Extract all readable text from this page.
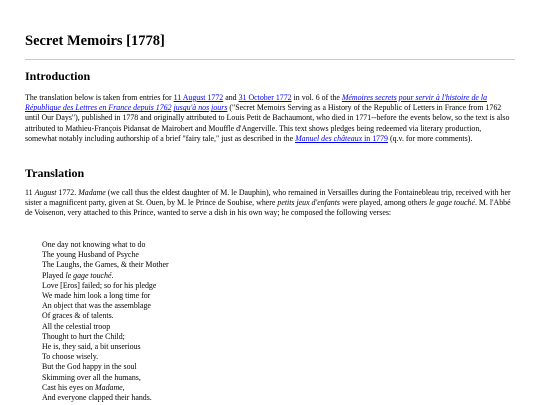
Secret Memoirs [1778]
Introduction

The translation below is taken from entries for 11 August 1772 and 31 October 1772 in vol. 6 of the Mémoires secrets pour servir à l'histoire de la République des Lettres en France depuis 1762 jusqu'à nos jours ("Secret Memoirs Serving as a History of the Republic of Letters in France from 1762 until Our Days"), published in 1778 and originally attributed to Louis Petit de Bachaumont, who died in 1771--before the events below, so the text is also attributed to Mathieu-François Pidansat de Mairobert and Mouffle d'Angerville. This text shows pledges being redeemed via literary production, somewhat notably including authorship of a brief "fairy tale," just as described in the Manuel des châteaux in 1779 (q.v. for more comments).

Translation

11 August 1772. Madame (we call thus the eldest daughter of M. le Dauphin), who remained in Versailles during the Fontainebleau trip, received with her sister a magnificent party, given at St. Ouen, by M. le Prince de Soubise, where petits jeux d'enfants were played, among others le gage touché. M. l'Abbé de Voisenon, very attached to this Prince, wanted to serve a dish in his own way; he composed the following verses:

One day not knowing what to do
The young Husband of Psyche
The Laughs, the Games, & their Mother
Played le gage touché.
Love [Eros] failed; so for his pledge
We made him look a long time for
An object that was the assemblage
Of graces & of talents.
All the celestial troop
Thought to hurt the Child;
He is, they said, a bit unserious
To choose wisely.
But the God happy in the soul
Skimming over all the humans,
Cast his eyes on Madame,
And everyone clapped their hands.
